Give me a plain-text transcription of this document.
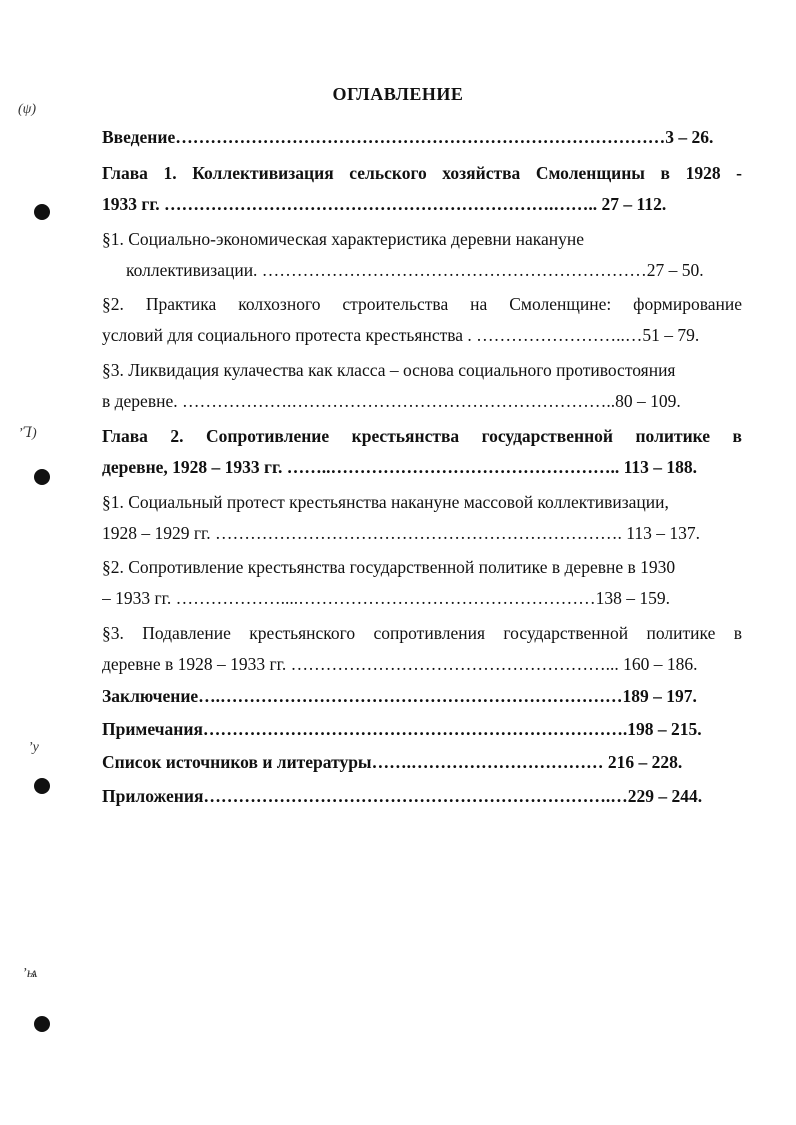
ОГЛАВЛЕНИЕ
Введение…………………………………………………………………………3 – 26.
Глава 1. Коллективизация сельского хозяйства Смоленщины в 1928 -
1933 гг. ………………………………………………………….…….. 27 – 112.
§1. Социально-экономическая характеристика деревни накануне
коллективизации. …………………………………………………………27 – 50.
§2. Практика колхозного строительства на Смоленщине: формирование
условий для социального протеста крестьянства . ……………………..…51 – 79.
§3. Ликвидация кулачества как класса – основа социального противостояния
в деревне. ……………….………………………………………………..80 – 109.
Глава 2. Сопротивление крестьянства государственной политике в
деревне, 1928 – 1933 гг. ……..………………………………………….. 113 – 188.
§1. Социальный протест крестьянства накануне массовой коллективизации,
1928 – 1929 гг. ……………………………………………………………. 113 – 137.
§2. Сопротивление крестьянства государственной политике в деревне в 1930
– 1933 гг. ………………....……………………………………………138 – 159.
§3. Подавление крестьянского сопротивления государственной политике в
деревне в 1928 – 1933 гг. ………………………………………………... 160 – 186.
Заключение….……………………………………………………………189 – 197.
Примечания……………………………………………………………….198 – 215.
Список источников и литературы…….…………………………… 216 – 228.
Приложения…………………………………………………………….…229 – 244.
(ψ)
ʼꞀ)
ʼy
ʼѩ
